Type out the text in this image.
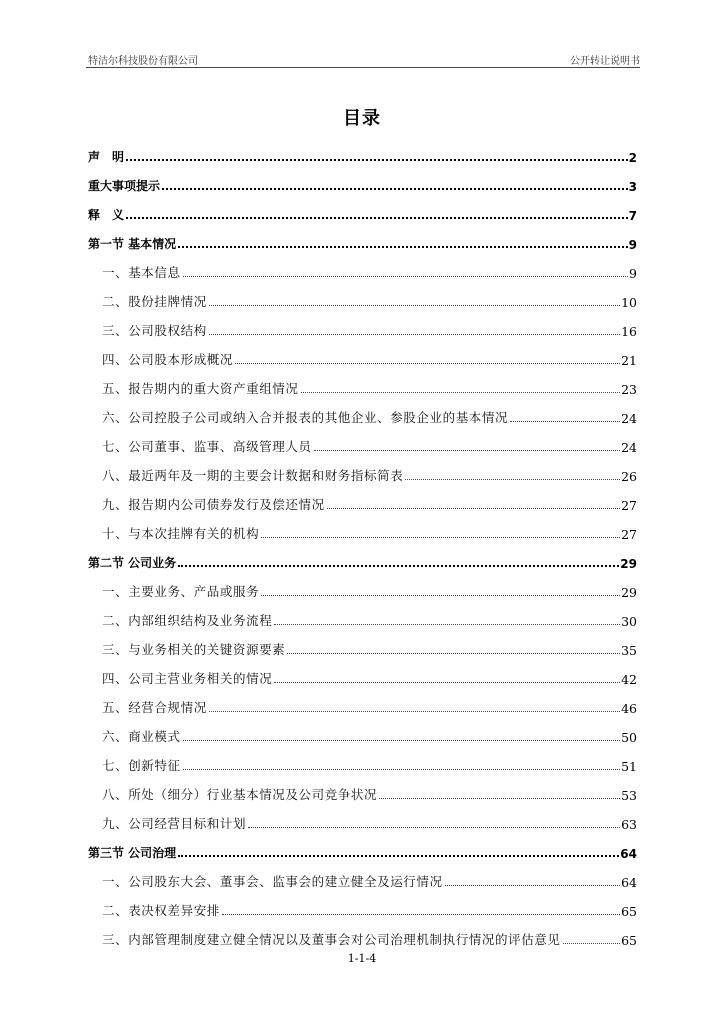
特洁尔科技股份有限公司	公开转让说明书
目录
声　明	2
重大事项提示	3
释　义	7
第一节 基本情况	9
一、基本信息	9
二、股份挂牌情况	10
三、公司股权结构	16
四、公司股本形成概况	21
五、报告期内的重大资产重组情况	23
六、公司控股子公司或纳入合并报表的其他企业、参股企业的基本情况	24
七、公司董事、监事、高级管理人员	24
八、最近两年及一期的主要会计数据和财务指标简表	26
九、报告期内公司债券发行及偿还情况	27
十、与本次挂牌有关的机构	27
第二节 公司业务	29
一、主要业务、产品或服务	29
二、内部组织结构及业务流程	30
三、与业务相关的关键资源要素	35
四、公司主营业务相关的情况	42
五、经营合规情况	46
六、商业模式	50
七、创新特征	51
八、所处（细分）行业基本情况及公司竞争状况	53
九、公司经营目标和计划	63
第三节 公司治理	64
一、公司股东大会、董事会、监事会的建立健全及运行情况	64
二、表决权差异安排	65
三、内部管理制度建立健全情况以及董事会对公司治理机制执行情况的评估意见	65
1-1-4
